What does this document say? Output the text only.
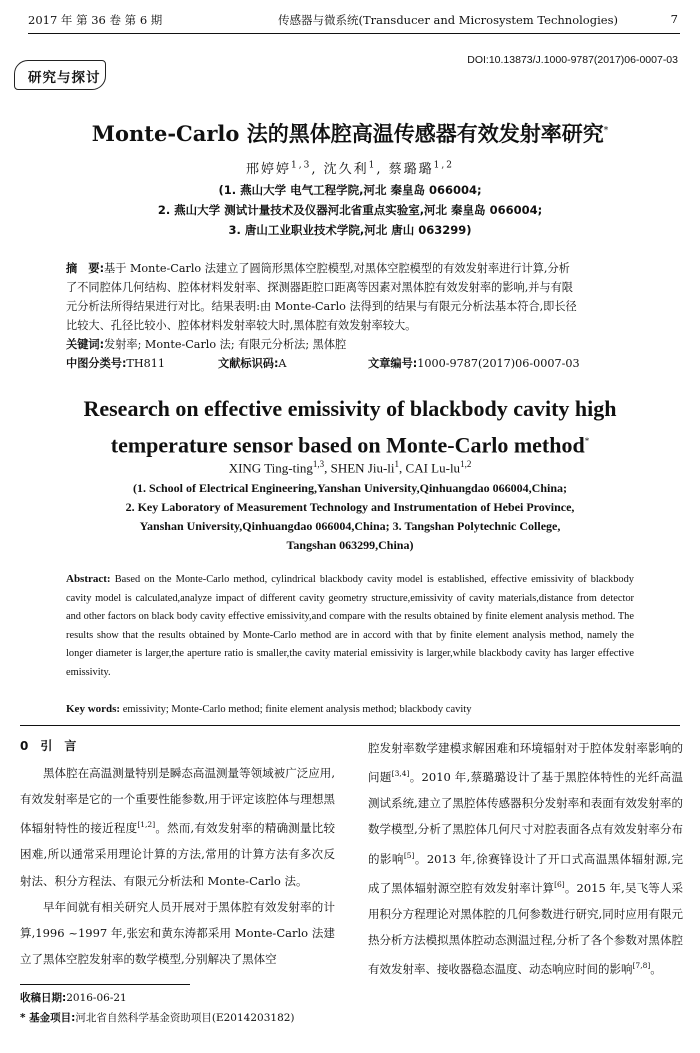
2017 年 第 36 卷 第 6 期	传感器与微系统(Transducer and Microsystem Technologies)	7
DOI:10.13873/J.1000-9787(2017)06-0007-03
研究与探讨
Monte-Carlo 法的黑体腔高温传感器有效发射率研究*
邢婷婷$^{1,3}$, 沈久利$^1$, 蔡璐璐$^{1,2}$
(1. 燕山大学 电气工程学院,河北 秦皇岛 066004;
2. 燕山大学 测试计量技术及仪器河北省重点实验室,河北 秦皇岛 066004;
3. 唐山工业职业技术学院,河北 唐山 063299)
摘　要:基于 Monte-Carlo 法建立了圆筒形黑体空腔模型,对黑体空腔模型的有效发射率进行计算,分析
了不同腔体几何结构、腔体材料发射率、探测器距腔口距离等因素对黑体腔有效发射率的影响,并与有限
元分析法所得结果进行对比。结果表明:由 Monte-Carlo 法得到的结果与有限元分析法基本符合,即长径
比较大、孔径比较小、腔体材料发射率较大时,黑体腔有效发射率较大。
关键词:发射率; Monte-Carlo 法; 有限元分析法; 黑体腔
中图分类号:TH811	文献标识码:A	文章编号:1000-9787(2017)06-0007-03
Research on effective emissivity of blackbody cavity high
temperature sensor based on Monte-Carlo method*
XING Ting-ting$^{1,3}$, SHEN Jiu-$li^1$, CAI Lu-lu$^{1,2}$
(1. School of Electrical Engineering,Yanshan University,Qinhuangdao 066004,China;
2. Key Laboratory of Measurement Technology and Instrumentation of Hebei Province,
Yanshan University,Qinhuangdao 066004,China; 3. Tangshan Polytechnic College,
Tangshan 063299,China)
Abstract: Based on the Monte-Carlo method, cylindrical blackbody cavity model is established, effective emissivity of blackbody cavity model is calculated,analyze impact of different cavity geometry structure,emissivity of cavity materials,distance from detector and other factors on black body cavity effective emissivity,and compare with the results obtained by finite element analysis method. The results show that the results obtained by Monte-Carlo method are in accord with that by finite element analysis method, namely the longer diameter is larger,the aperture ratio is smaller,the cavity material emissivity is larger,while blackbody cavity has larger effective emissivity.
Key words: emissivity; Monte-Carlo method; finite element analysis method; blackbody cavity
0　引　言

黑体腔在高温测量特别是瞬态高温测量等领域被广泛应用,有效发射率是它的一个重要性能参数,用于评定该腔体与理想黑体辐射特性的接近程度[1,2]。然而,有效发射率的精确测量比较困难,所以通常采用理论计算的方法,常用的计算方法有多次反射法、积分方程法、有限元分析法和 Monte-Carlo 法。

早年间就有相关研究人员开展对于黑体腔有效发射率的计算,1996 ~1997 年,张宏和黄东涛都采用 Monte-Carlo 法建立了黑体空腔发射率的数学模型,分别解决了黑体空

腔发射率数学建模求解困难和环境辐射对于腔体发射率影响的问题[3,4]。2010 年,蔡璐璐设计了基于黑腔体特性的光纤高温测试系统,建立了黑腔体传感器积分发射率和表面有效发射率的数学模型,分析了黑腔体几何尺寸对腔表面各点有效发射率分布的影响[5]。2013 年,徐赛锋设计了开口式高温黑体辐射源,完成了黑体辐射源空腔有效发射率计算[6]。2015 年,吴飞等人采用积分方程理论对黑体腔的几何参数进行研究,同时应用有限元热分析方法模拟黑体腔动态测温过程,分析了各个参数对黑体腔有效发射率、接收器稳态温度、动态响应时间的影响[7,8]。

收稿日期:2016-06-21
* 基金项目:河北省自然科学基金资助项目(E2014203182)
